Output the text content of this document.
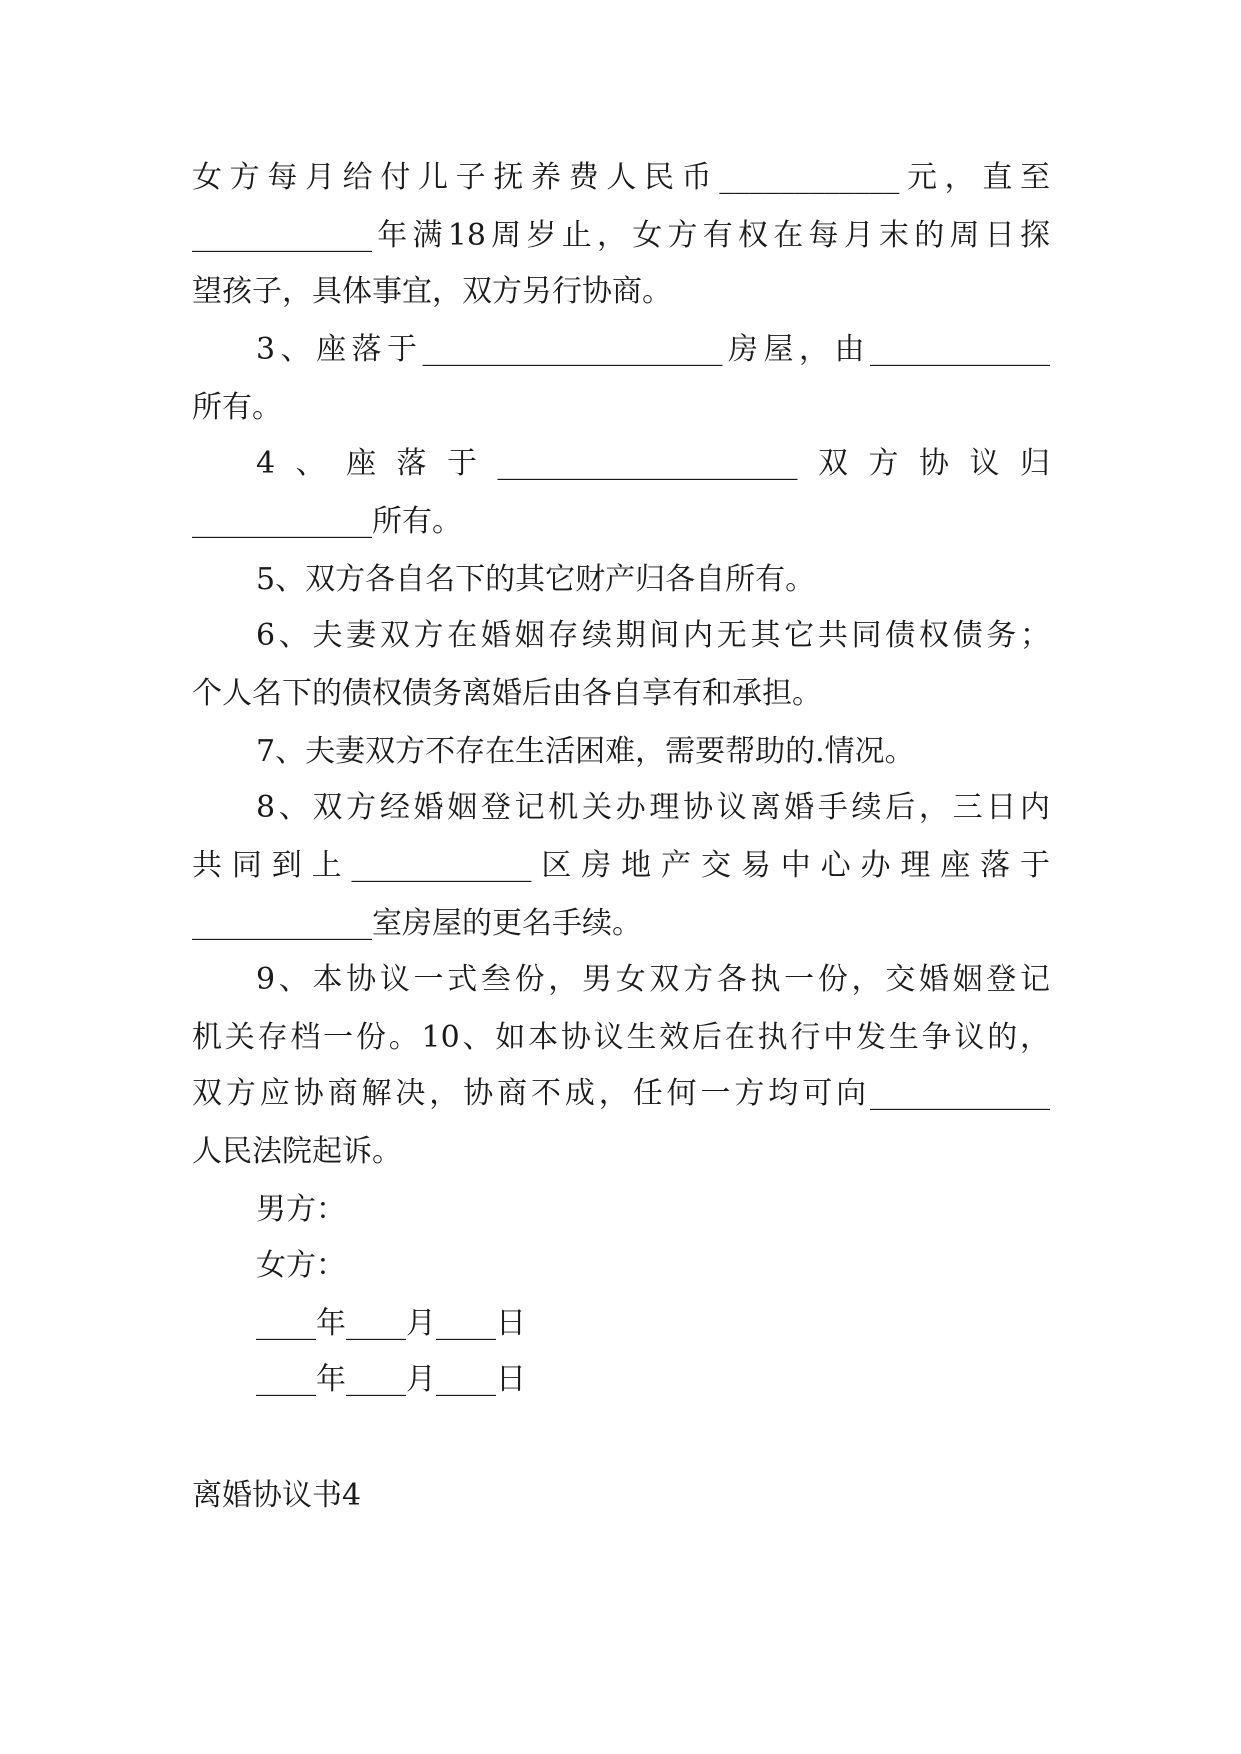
女方每月给付儿子抚养费人民币____________元，直至
____________年满18周岁止，女方有权在每月末的周日探
望孩子，具体事宜，双方另行协商。
3、座落于____________________房屋，由____________
所有。
4、座落于____________________双方协议归
____________所有。
5、双方各自名下的其它财产归各自所有。
6、夫妻双方在婚姻存续期间内无其它共同债权债务；
个人名下的债权债务离婚后由各自享有和承担。
7、夫妻双方不存在生活困难，需要帮助的.情况。
8、双方经婚姻登记机关办理协议离婚手续后，三日内
共同到上____________区房地产交易中心办理座落于
____________室房屋的更名手续。
9、本协议一式叁份，男女双方各执一份，交婚姻登记
机关存档一份。10、如本协议生效后在执行中发生争议的，
双方应协商解决，协商不成，任何一方均可向____________
人民法院起诉。
男方：
女方：
____年____月____日
____年____月____日
离婚协议书4
